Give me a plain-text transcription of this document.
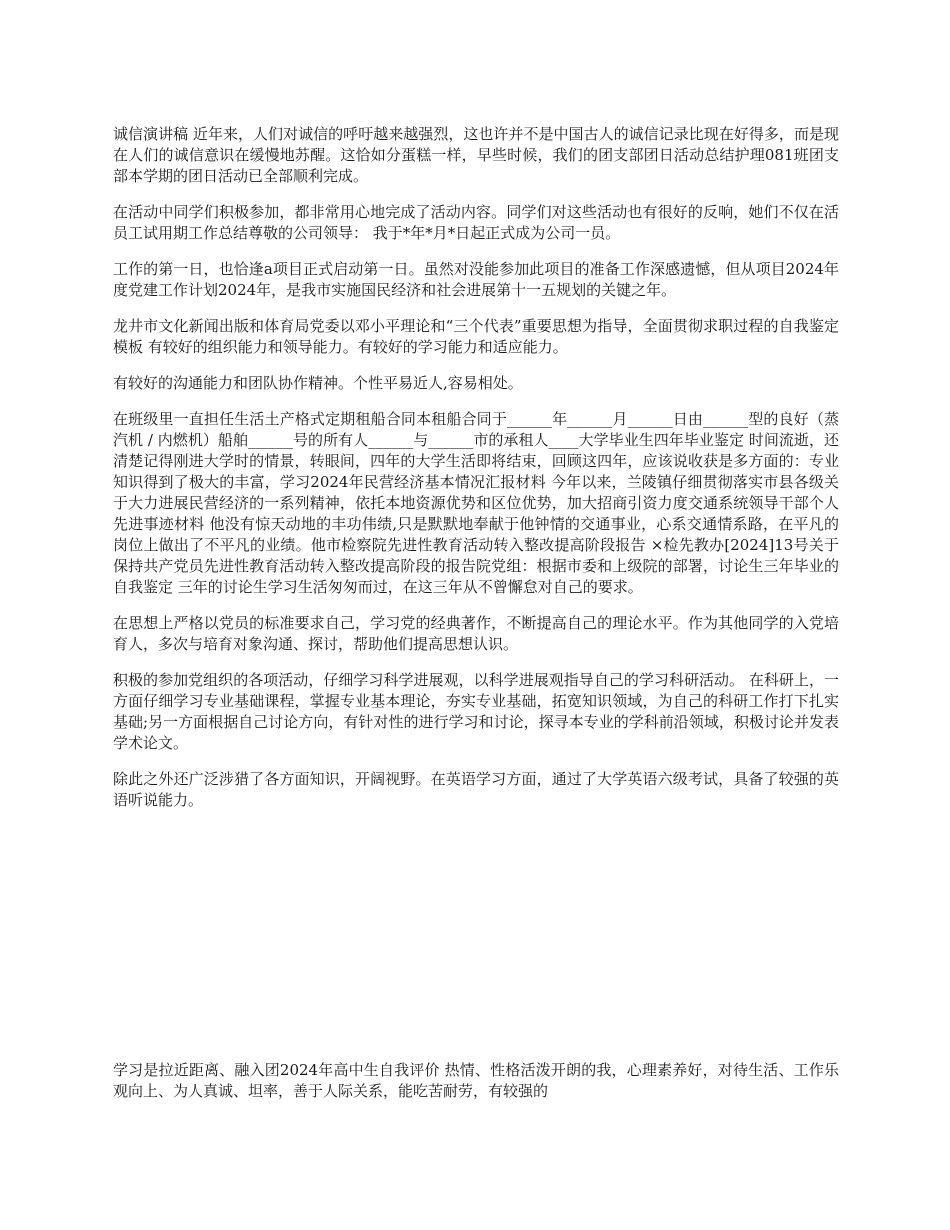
诚信演讲稿 近年来，人们对诚信的呼吁越来越强烈，这也许并不是中国古人的诚信记录比现在好得多，而是现在人们的诚信意识在缓慢地苏醒。这恰如分蛋糕一样，早些时候，我们的团支部团日活动总结护理081班团支部本学期的团日活动已全部顺利完成。

在活动中同学们积极参加，都非常用心地完成了活动内容。同学们对这些活动也有很好的反响，她们不仅在活员工试用期工作总结尊敬的公司领导： 我于*年*月*日起正式成为公司一员。

工作的第一日，也恰逢a项目正式启动第一日。虽然对没能参加此项目的准备工作深感遗憾，但从项目2024年度党建工作计划2024年，是我市实施国民经济和社会进展第十一五规划的关键之年。

龙井市文化新闻出版和体育局党委以邓小平理论和“三个代表”重要思想为指导，全面贯彻求职过程的自我鉴定模板 有较好的组织能力和领导能力。有较好的学习能力和适应能力。

有较好的沟通能力和团队协作精神。个性平易近人,容易相处。

在班级里一直担任生活土产格式定期租船合同本租船合同于______年______月______日由______型的良好（蒸汽机 / 内燃机）船舶______号的所有人______与______市的承租人____大学毕业生四年毕业鉴定 时间流逝，还清楚记得刚进大学时的情景，转眼间，四年的大学生活即将结束，回顾这四年，应该说收获是多方面的：专业知识得到了极大的丰富，学习2024年民营经济基本情况汇报材料 今年以来，兰陵镇仔细贯彻落实市县各级关于大力进展民营经济的一系列精神，依托本地资源优势和区位优势，加大招商引资力度交通系统领导干部个人先进事迹材料 他没有惊天动地的丰功伟绩,只是默默地奉献于他钟情的交通事业，心系交通情系路，在平凡的岗位上做出了不平凡的业绩。他市检察院先进性教育活动转入整改提高阶段报告 ×检先教办[2024]13号关于保持共产党员先进性教育活动转入整改提高阶段的报告院党组：根据市委和上级院的部署，讨论生三年毕业的自我鉴定 三年的讨论生学习生活匆匆而过，在这三年从不曾懈怠对自己的要求。

在思想上严格以党员的标准要求自己，学习党的经典著作，不断提高自己的理论水平。作为其他同学的入党培育人，多次与培育对象沟通、探讨，帮助他们提高思想认识。

积极的参加党组织的各项活动，仔细学习科学进展观，以科学进展观指导自己的学习科研活动。 在科研上，一方面仔细学习专业基础课程，掌握专业基本理论，夯实专业基础，拓宽知识领域，为自己的科研工作打下扎实基础;另一方面根据自己讨论方向，有针对性的进行学习和讨论，探寻本专业的学科前沿领域，积极讨论并发表学术论文。

除此之外还广泛涉猎了各方面知识，开阔视野。在英语学习方面，通过了大学英语六级考试，具备了较强的英语听说能力。

学习是拉近距离、融入团2024年高中生自我评价 热情、性格活泼开朗的我，心理素养好，对待生活、工作乐观向上、为人真诚、坦率，善于人际关系，能吃苦耐劳，有较强的
